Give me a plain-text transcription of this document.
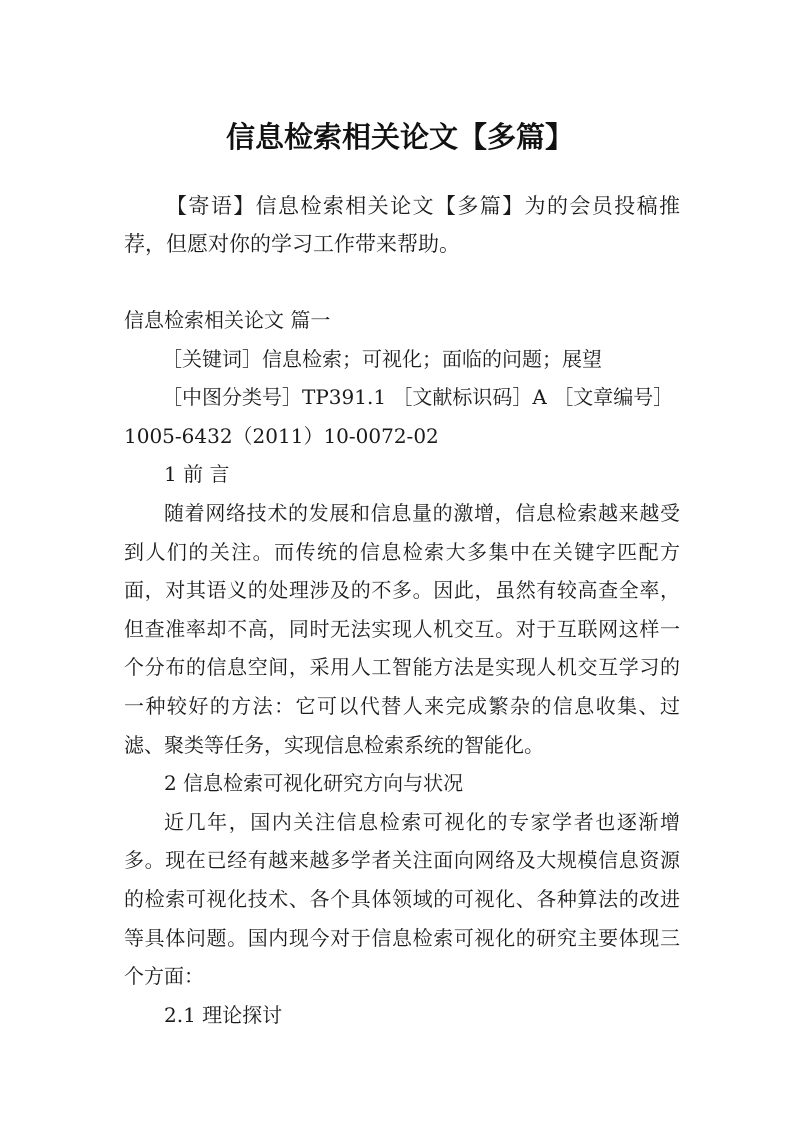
信息检索相关论文【多篇】

【寄语】信息检索相关论文【多篇】为的会员投稿推荐，但愿对你的学习工作带来帮助。

信息检索相关论文 篇一

［关键词］信息检索；可视化；面临的问题；展望

［中图分类号］TP391.1 ［文献标识码］A ［文章编号］

1005-6432（2011）10-0072-02

1 前 言

随着网络技术的发展和信息量的激增，信息检索越来越受到人们的关注。而传统的信息检索大多集中在关键字匹配方面，对其语义的处理涉及的不多。因此，虽然有较高查全率，但查准率却不高，同时无法实现人机交互。对于互联网这样一个分布的信息空间，采用人工智能方法是实现人机交互学习的一种较好的方法：它可以代替人来完成繁杂的信息收集、过滤、聚类等任务，实现信息检索系统的智能化。

2 信息检索可视化研究方向与状况

近几年，国内关注信息检索可视化的专家学者也逐渐增多。现在已经有越来越多学者关注面向网络及大规模信息资源的检索可视化技术、各个具体领域的可视化、各种算法的改进等具体问题。国内现今对于信息检索可视化的研究主要体现三个方面：

2.1 理论探讨
